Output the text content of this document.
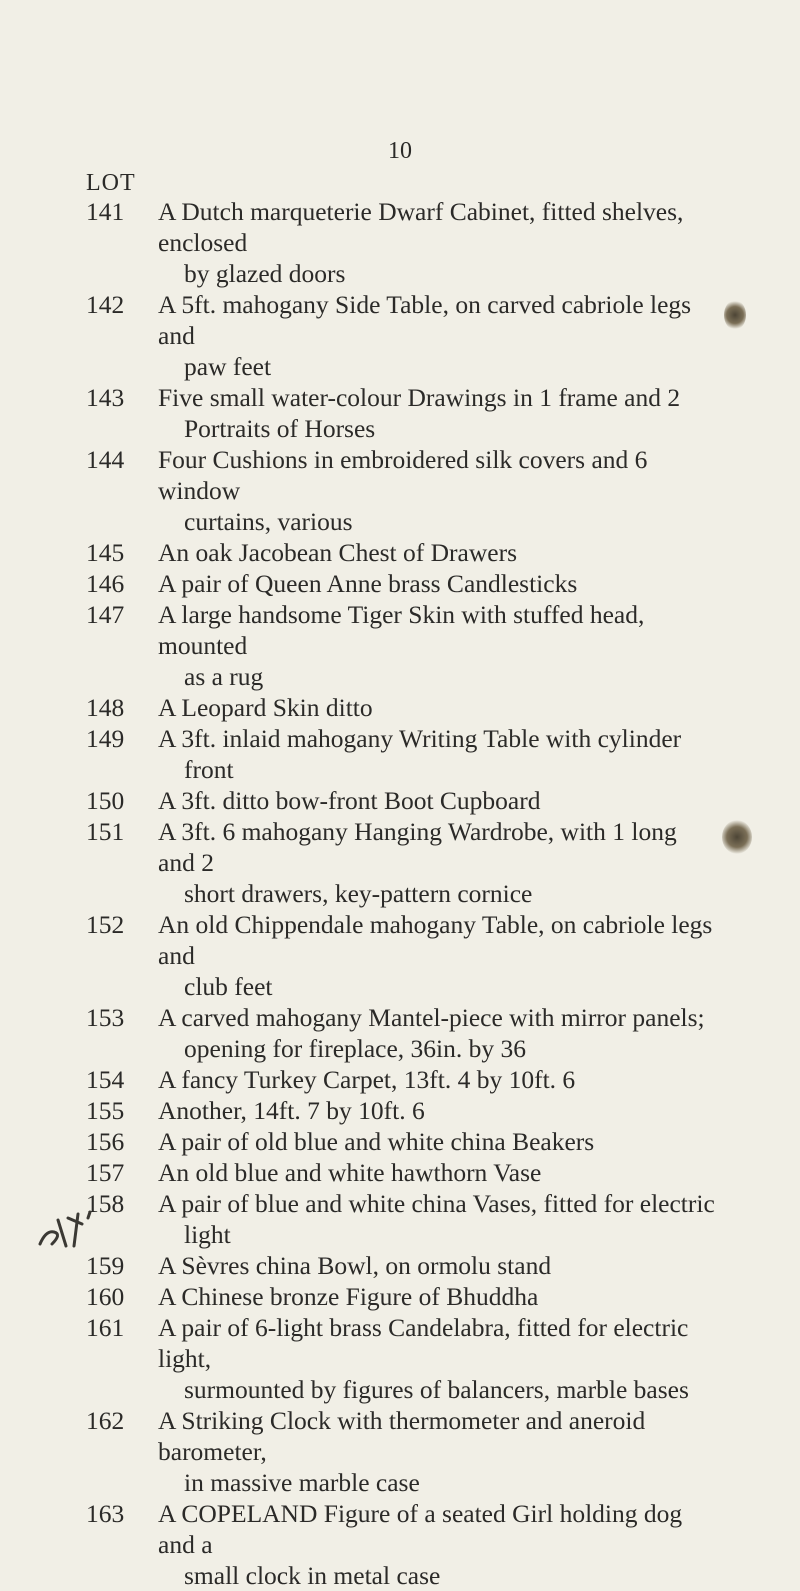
10
LOT
141	A Dutch marqueterie Dwarf Cabinet, fitted shelves, enclosed
by glazed doors
142	A 5ft. mahogany Side Table, on carved cabriole legs and
paw feet
143	Five small water-colour Drawings in 1 frame and 2
Portraits of Horses
144	Four Cushions in embroidered silk covers and 6 window
curtains, various
145	An oak Jacobean Chest of Drawers
146	A pair of Queen Anne brass Candlesticks
147	A large handsome Tiger Skin with stuffed head, mounted
as a rug
148	A Leopard Skin ditto
149	A 3ft. inlaid mahogany Writing Table with cylinder
front
150	A 3ft. ditto bow-front Boot Cupboard
151	A 3ft. 6 mahogany Hanging Wardrobe, with 1 long and 2
short drawers, key-pattern cornice
152	An old Chippendale mahogany Table, on cabriole legs and
club feet
153	A carved mahogany Mantel-piece with mirror panels;
opening for fireplace, 36in. by 36
154	A fancy Turkey Carpet, 13ft. 4 by 10ft. 6
155	Another, 14ft. 7 by 10ft. 6
156	A pair of old blue and white china Beakers
157	An old blue and white hawthorn Vase
158	A pair of blue and white china Vases, fitted for electric
light
159	A Sèvres china Bowl, on ormolu stand
160	A Chinese bronze Figure of Bhuddha
161	A pair of 6-light brass Candelabra, fitted for electric light,
surmounted by figures of balancers, marble bases
162	A Striking Clock with thermometer and aneroid barometer,
in massive marble case
163	A COPELAND Figure of a seated Girl holding dog and a
small clock in metal case
